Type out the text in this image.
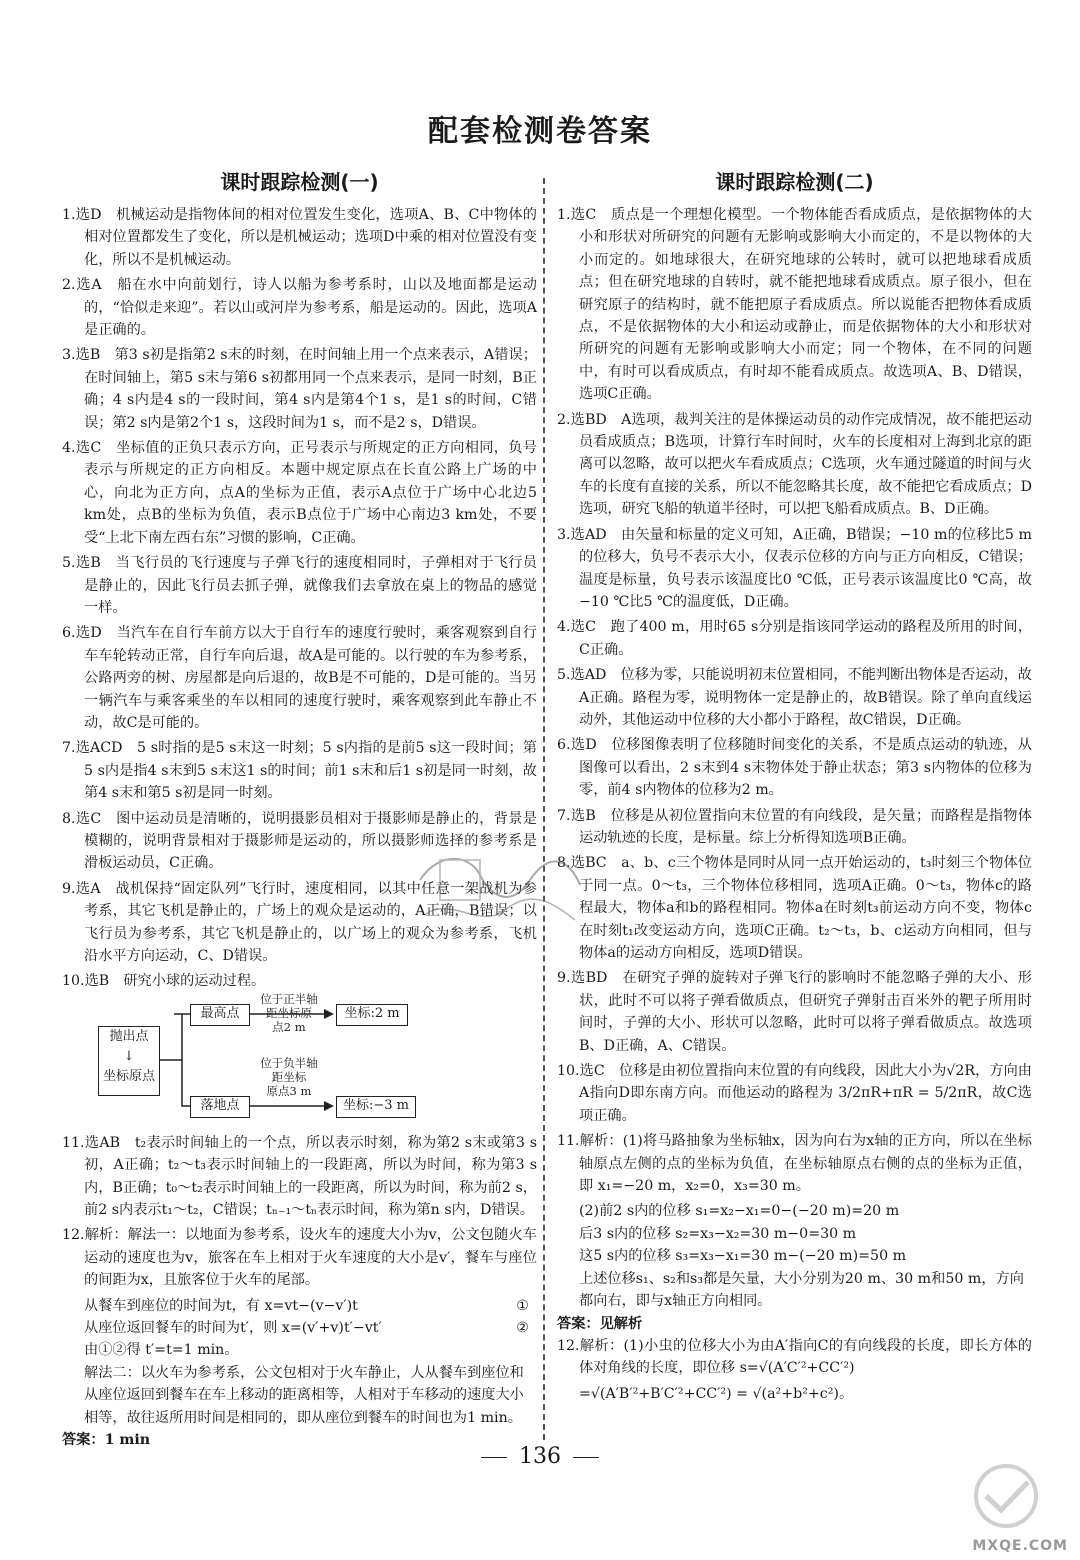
配套检测卷答案
课时跟踪检测(一)
1.选D　机械运动是指物体间的相对位置发生变化，选项A、B、C中物体的相对位置都发生了变化，所以是机械运动；选项D中乘的相对位置没有变化，所以不是机械运动。
2.选A　船在水中向前划行，诗人以船为参考系时，山以及地面都是运动的，“恰似走来迎”。若以山或河岸为参考系，船是运动的。因此，选项A是正确的。
3.选B　第3 s初是指第2 s末的时刻，在时间轴上用一个点来表示，A错误；在时间轴上，第5 s末与第6 s初都用同一个点来表示，是同一时刻，B正确；4 s内是4 s的一段时间，第4 s内是第4个1 s，是1 s的时间，C错误；第2 s内是第2个1 s，这段时间为1 s，而不是2 s，D错误。
4.选C　坐标值的正负只表示方向，正号表示与所规定的正方向相同，负号表示与所规定的正方向相反。本题中规定原点在长直公路上广场的中心，向北为正方向，点A的坐标为正值，表示A点位于广场中心北边5 km处，点B的坐标为负值，表示B点位于广场中心南边3 km处，不要受“上北下南左西右东”习惯的影响，C正确。
5.选B　当飞行员的飞行速度与子弹飞行的速度相同时，子弹相对于飞行员是静止的，因此飞行员去抓子弹，就像我们去拿放在桌上的物品的感觉一样。
6.选D　当汽车在自行车前方以大于自行车的速度行驶时，乘客观察到自行车车轮转动正常，自行车向后退，故A是可能的。以行驶的车为参考系，公路两旁的树、房屋都是向后退的，故B是不可能的，D是可能的。当另一辆汽车与乘客乘坐的车以相同的速度行驶时，乘客观察到此车静止不动，故C是可能的。
7.选ACD　5 s时指的是5 s末这一时刻；5 s内指的是前5 s这一段时间；第5 s内是指4 s末到5 s末这1 s的时间；前1 s末和后1 s初是同一时刻，故第4 s末和第5 s初是同一时刻。
8.选C　图中运动员是清晰的，说明摄影员相对于摄影师是静止的，背景是模糊的，说明背景相对于摄影师是运动的，所以摄影师选择的参考系是滑板运动员，C正确。
9.选A　战机保持“固定队列”飞行时，速度相同，以其中任意一架战机为参考系，其它飞机是静止的，广场上的观众是运动的，A正确，B错误；以飞行员为参考系，其它飞机是静止的，以广场上的观众为参考系，飞机沿水平方向运动，C、D错误。
10.选B　研究小球的运动过程。
抛出点
↓
坐标原点
位于正半轴
距坐标原
点2 m
最高点	坐标:2 m
位于负半轴
距坐标
原点3 m
落地点	坐标:−3 m
11.选AB　t₂表示时间轴上的一个点，所以表示时刻，称为第2 s末或第3 s初，A正确；t₂～t₃表示时间轴上的一段距离，所以为时间，称为第3 s内，B正确；t₀～t₂表示时间轴上的一段距离，所以为时间，称为前2 s，前2 s内表示t₁～t₂，C错误；tₙ₋₁～tₙ表示时间，称为第n s内，D错误。
12.解析：解法一：以地面为参考系，设火车的速度大小为v，公文包随火车运动的速度也为v，旅客在车上相对于火车速度的大小是v′，餐车与座位的间距为x，且旅客位于火车的尾部。
从餐车到座位的时间为t，有 x=vt−(v−v′)t	①
从座位返回餐车的时间为t′，则 x=(v′+v)t′−vt′	②
由①②得 t′=t=1 min。
解法二：以火车为参考系，公文包相对于火车静止，人从餐车到座位和从座位返回到餐车在车上移动的距离相等，人相对于车移动的速度大小相等，故往返所用时间是相同的，即从座位到餐车的时间也为1 min。
答案：1 min
课时跟踪检测(二)
1.选C　质点是一个理想化模型。一个物体能否看成质点，是依据物体的大小和形状对所研究的问题有无影响或影响大小而定的，不是以物体的大小而定的。如地球很大，在研究地球的公转时，就可以把地球看成质点；但在研究地球的自转时，就不能把地球看成质点。原子很小，但在研究原子的结构时，就不能把原子看成质点。所以说能否把物体看成质点，不是依据物体的大小和运动或静止，而是依据物体的大小和形状对所研究的问题有无影响或影响大小而定；同一个物体，在不同的问题中，有时可以看成质点，有时却不能看成质点。故选项A、B、D错误，选项C正确。
2.选BD　A选项，裁判关注的是体操运动员的动作完成情况，故不能把运动员看成质点；B选项，计算行车时间时，火车的长度相对上海到北京的距离可以忽略，故可以把火车看成质点；C选项，火车通过隧道的时间与火车的长度有直接的关系，所以不能忽略其长度，故不能把它看成质点；D选项，研究飞船的轨道半径时，可以把飞船看成质点。B、D正确。
3.选AD　由矢量和标量的定义可知，A正确，B错误；−10 m的位移比5 m的位移大，负号不表示大小，仅表示位移的方向与正方向相反，C错误；温度是标量，负号表示该温度比0 ℃低，正号表示该温度比0 ℃高，故−10 ℃比5 ℃的温度低，D正确。
4.选C　跑了400 m，用时65 s分别是指该同学运动的路程及所用的时间，C正确。
5.选AD　位移为零，只能说明初末位置相同，不能判断出物体是否运动，故A正确。路程为零，说明物体一定是静止的，故B错误。除了单向直线运动外，其他运动中位移的大小都小于路程，故C错误，D正确。
6.选D　位移图像表明了位移随时间变化的关系，不是质点运动的轨迹，从图像可以看出，2 s末到4 s末物体处于静止状态；第3 s内物体的位移为零，前4 s内物体的位移为2 m。
7.选B　位移是从初位置指向末位置的有向线段，是矢量；而路程是指物体运动轨迹的长度，是标量。综上分析得知选项B正确。
8.选BC　a、b、c三个物体是同时从同一点开始运动的，t₃时刻三个物体位于同一点。0～t₃，三个物体位移相同，选项A正确。0～t₃，物体c的路程最大，物体a和b的路程相同。物体a在时刻t₃前运动方向不变，物体c在时刻t₁改变运动方向，选项C正确。t₂～t₃，b、c运动方向相同，但与物体a的运动方向相反，选项D错误。
9.选BD　在研究子弹的旋转对子弹飞行的影响时不能忽略子弹的大小、形状，此时不可以将子弹看做质点，但研究子弹射击百米外的靶子所用时间时，子弹的大小、形状可以忽略，此时可以将子弹看做质点。故选项B、D正确，A、C错误。
10.选C　位移是由初位置指向末位置的有向线段，因此大小为√2R，方向由A指向D即东南方向。而他运动的路程为 3/2πR+πR = 5/2πR，故C选项正确。
11.解析：(1)将马路抽象为坐标轴x，因为向右为x轴的正方向，所以在坐标轴原点左侧的点的坐标为负值，在坐标轴原点右侧的点的坐标为正值，即 x₁=−20 m，x₂=0，x₃=30 m。
(2)前2 s内的位移 s₁=x₂−x₁=0−(−20 m)=20 m
后3 s内的位移 s₂=x₃−x₂=30 m−0=30 m
这5 s内的位移 s₃=x₃−x₁=30 m−(−20 m)=50 m
上述位移s₁、s₂和s₃都是矢量，大小分别为20 m、30 m和50 m，方向都向右，即与x轴正方向相同。
答案：见解析
12.解析：(1)小虫的位移大小为由A′指向C的有向线段的长度，即长方体的体对角线的长度，即位移 s=√(A′C′²+CC′²)
=√(A′B′²+B′C′²+CC′²) = √(a²+b²+c²)。
136
MXQE.COM
